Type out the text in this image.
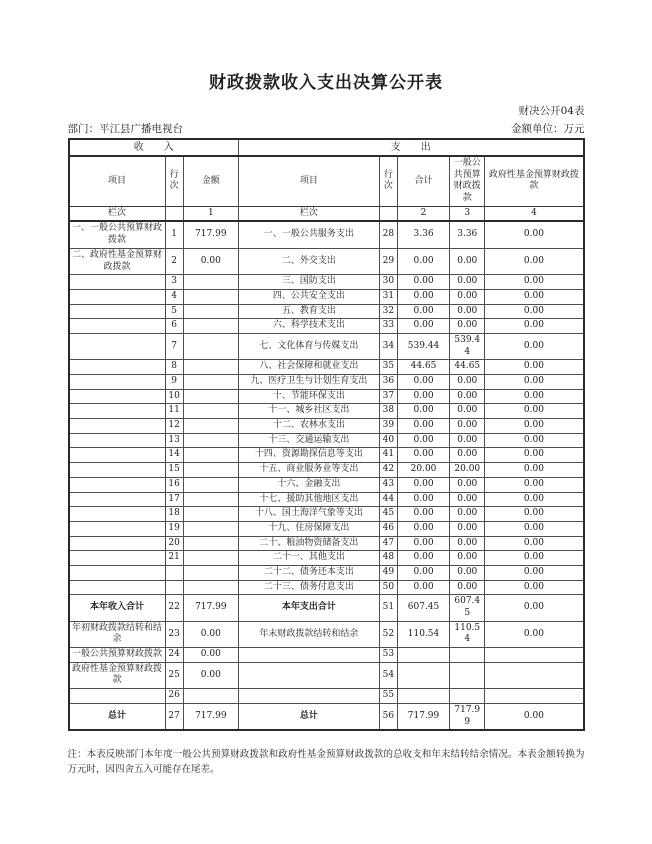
财政拨款收入支出决算公开表
财决公开04表
部门：平江县广播电视台	金额单位：万元
收　　入			支　　出				
项目	行次	金额	项目	行次	合计	一般公共预算财政拨款	政府性基金预算财政拨款
栏次		1	栏次		2	3	4
一、一般公共预算财政拨款	1	717.99	一、一般公共服务支出	28	3.36	3.36	0.00
二、政府性基金预算财政拨款	2	0.00	二、外交支出	29	0.00	0.00	0.00
	3		三、国防支出	30	0.00	0.00	0.00
	4		四、公共安全支出	31	0.00	0.00	0.00
	5		五、教育支出	32	0.00	0.00	0.00
	6		六、科学技术支出	33	0.00	0.00	0.00
	7		七、文化体育与传媒支出	34	539.44	539.44	0.00
	8		八、社会保障和就业支出	35	44.65	44.65	0.00
	9		九、医疗卫生与计划生育支出	36	0.00	0.00	0.00
	10		十、节能环保支出	37	0.00	0.00	0.00
	11		十一、城乡社区支出	38	0.00	0.00	0.00
	12		十二、农林水支出	39	0.00	0.00	0.00
	13		十三、交通运输支出	40	0.00	0.00	0.00
	14		十四、资源勘探信息等支出	41	0.00	0.00	0.00
	15		十五、商业服务业等支出	42	20.00	20.00	0.00
	16		十六、金融支出	43	0.00	0.00	0.00
	17		十七、援助其他地区支出	44	0.00	0.00	0.00
	18		十八、国土海洋气象等支出	45	0.00	0.00	0.00
	19		十九、住房保障支出	46	0.00	0.00	0.00
	20		二十、粮油物资储备支出	47	0.00	0.00	0.00
	21		二十一、其他支出	48	0.00	0.00	0.00
			二十二、债务还本支出	49	0.00	0.00	0.00
			二十三、债务付息支出	50	0.00	0.00	0.00
本年收入合计	22	717.99	本年支出合计	51	607.45	607.45	0.00
年初财政拨款结转和结余	23	0.00	年末财政拨款结转和结余	52	110.54	110.54	0.00
一般公共预算财政拨款	24	0.00		53			
政府性基金预算财政拨款	25	0.00		54			
	26			55			
总计	27	717.99	总计	56	717.99	717.99	0.00
注：本表反映部门本年度一般公共预算财政拨款和政府性基金预算财政拨款的总收支和年末结转结余情况。本表金额转换为万元时，因四舍五入可能存在尾差。
